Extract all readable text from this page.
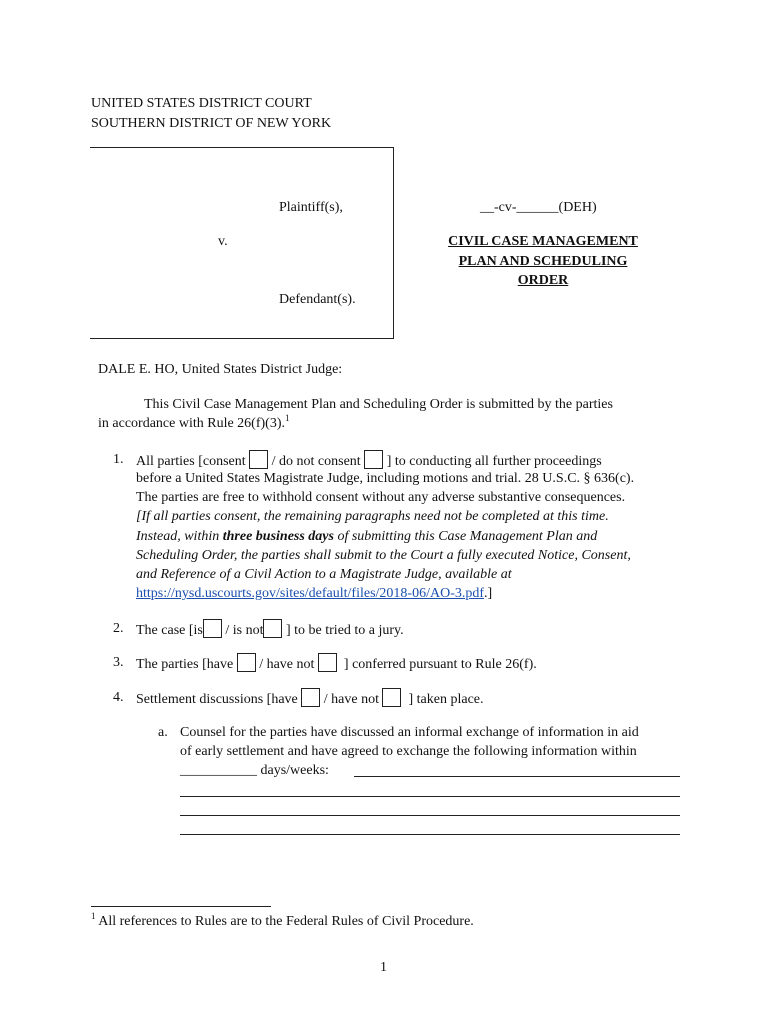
UNITED STATES DISTRICT COURT
SOUTHERN DISTRICT OF NEW YORK
Plaintiff(s),
v.
Defendant(s).
__-cv-______(DEH)
CIVIL CASE MANAGEMENT
PLAN AND SCHEDULING
ORDER
DALE E. HO, United States District Judge:
This Civil Case Management Plan and Scheduling Order is submitted by the parties
in accordance with Rule 26(f)(3).$^1$
1. All parties [consent / do not consent ] to conducting all further proceedings
before a United States Magistrate Judge, including motions and trial. 28 U.S.C. § 636(c).
The parties are free to withhold consent without any adverse substantive consequences.
[If all parties consent, the remaining paragraphs need not be completed at this time.
Instead, within three business days of submitting this Case Management Plan and
Scheduling Order, the parties shall submit to the Court a fully executed Notice, Consent,
and Reference of a Civil Action to a Magistrate Judge, available at
https://nysd.uscourts.gov/sites/default/files/2018-06/AO-3.pdf.]
2. The case [is / is not ] to be tried to a jury.
3. The parties [have / have not ] conferred pursuant to Rule 26(f).
4. Settlement discussions [have / have not ] taken place.
a. Counsel for the parties have discussed an informal exchange of information in aid
of early settlement and have agreed to exchange the following information within
___________ days/weeks:
$^1$ All references to Rules are to the Federal Rules of Civil Procedure.
1
